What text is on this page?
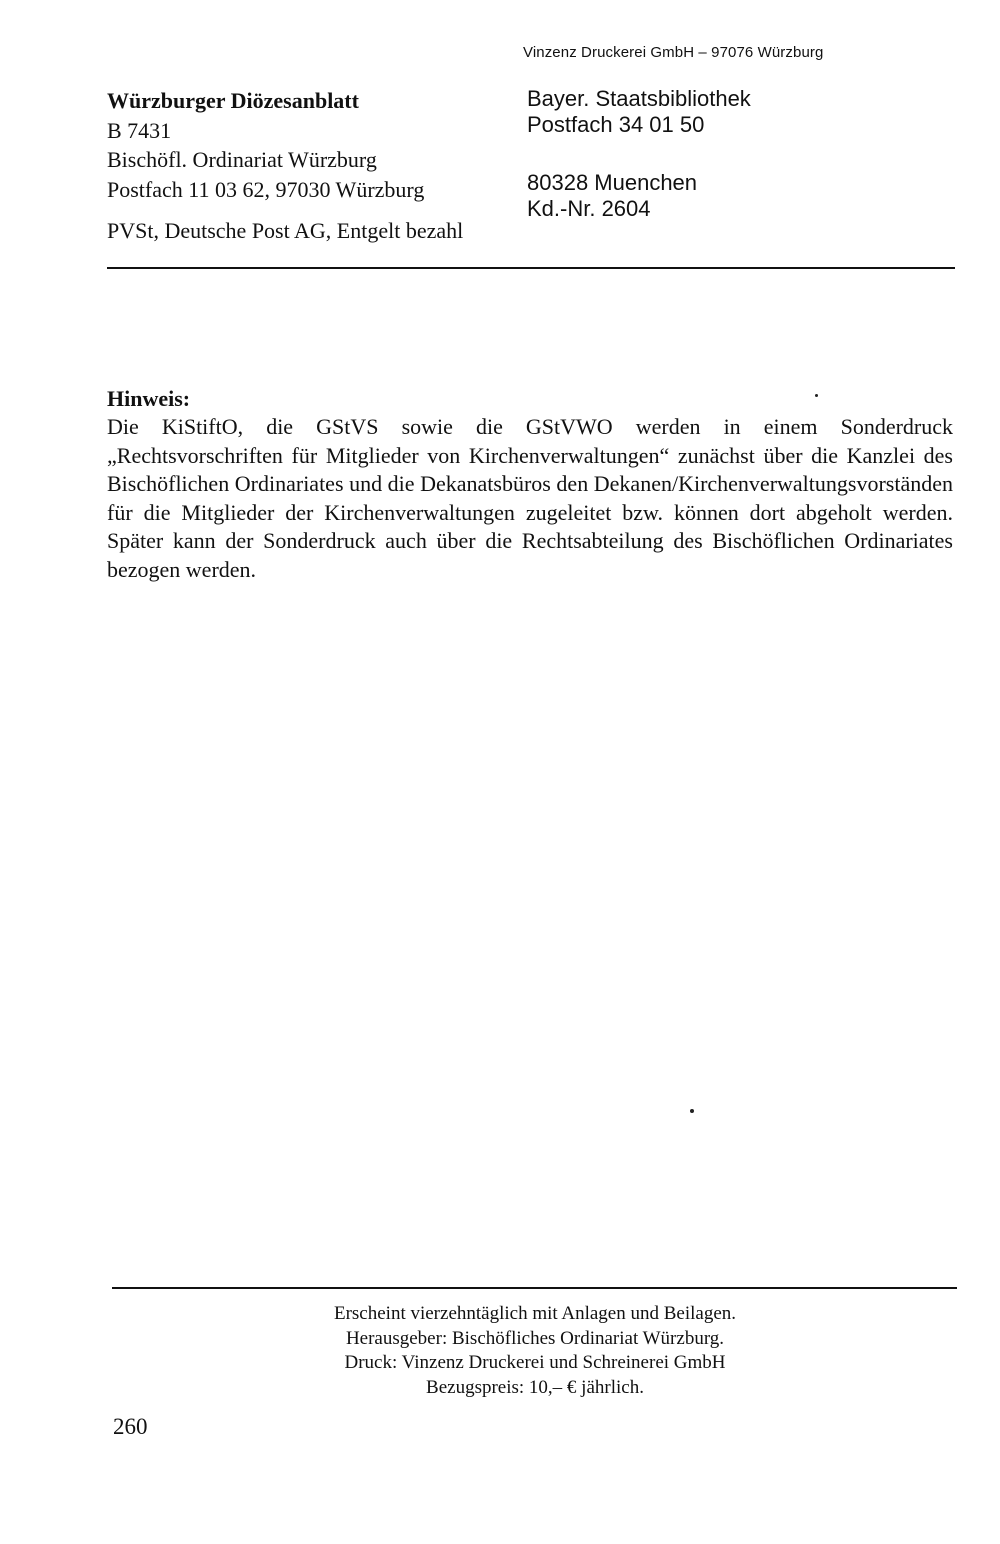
Vinzenz Druckerei GmbH – 97076 Würzburg
Würzburger Diözesanblatt
B 7431
Bischöfl. Ordinariat Würzburg
Postfach 11 03 62, 97030 Würzburg
PVSt, Deutsche Post AG, Entgelt bezahl
Bayer. Staatsbibliothek
Postfach 34 01 50
80328 Muenchen
Kd.-Nr. 2604
Hinweis:
Die KiStiftO, die GStVS sowie die GStVWO werden in einem Sonderdruck „Rechtsvorschriften für Mitglieder von Kirchenverwaltungen“ zunächst über die Kanzlei des Bischöflichen Ordinariates und die Dekanatsbüros den Dekanen/Kirchenverwaltungsvorständen für die Mitglieder der Kirchenverwaltungen zugeleitet bzw. können dort abgeholt werden. Später kann der Sonderdruck auch über die Rechtsabteilung des Bischöflichen Ordinariates bezogen werden.
Erscheint vierzehntäglich mit Anlagen und Beilagen.
Herausgeber: Bischöfliches Ordinariat Würzburg.
Druck: Vinzenz Druckerei und Schreinerei GmbH
Bezugspreis: 10,– € jährlich.
260
